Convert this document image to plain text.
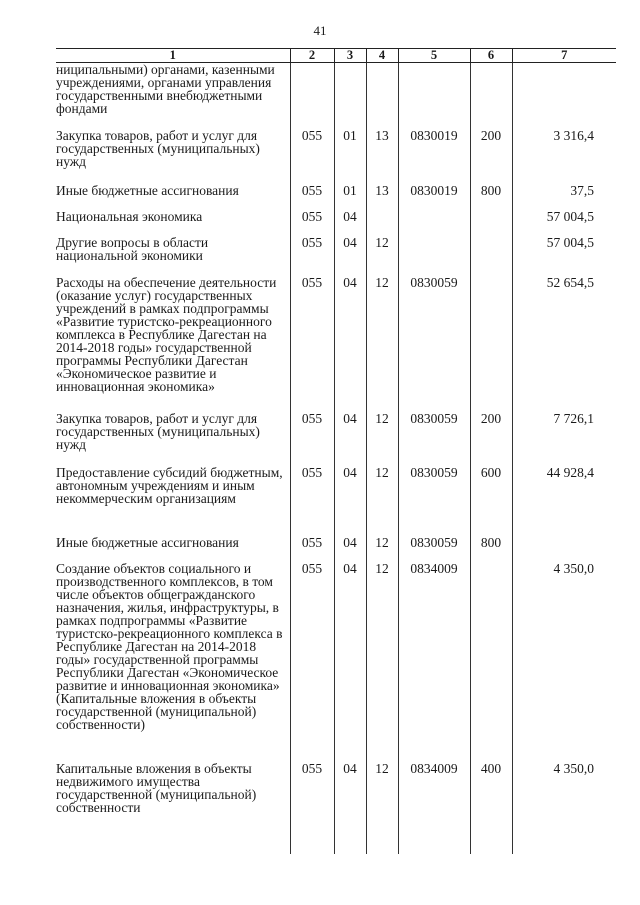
41
1	2	3	4	5	6	7
ниципальными) органами, казенными учреждениями, органами управления государственными внебюджетными фондами						
Закупка товаров, работ и услуг для государственных (муниципальных) нужд	055	01	13	0830019	200	3 316,4
Иные бюджетные ассигнования	055	01	13	0830019	800	37,5
Национальная экономика	055	04				57 004,5
Другие вопросы в области национальной экономики	055	04	12			57 004,5
Расходы на обеспечение деятельности (оказание услуг) государственных учреждений в рамках подпрограммы «Развитие туристско-рекреационного комплекса в Республике Дагестан на 2014-2018 годы» государственной программы Республики Дагестан «Экономическое развитие и инновационная экономика»	055	04	12	0830059		52 654,5
Закупка товаров, работ и услуг для государственных (муниципальных) нужд	055	04	12	0830059	200	7 726,1
Предоставление субсидий бюджетным, автономным учреждениям и иным некоммерческим организациям	055	04	12	0830059	600	44 928,4
Иные бюджетные ассигнования	055	04	12	0830059	800	
Создание объектов социального и производственного комплексов, в том числе объектов общегражданского назначения, жилья, инфраструктуры, в рамках подпрограммы «Развитие туристско-рекреационного комплекса в Республике Дагестан на 2014-2018 годы» государственной программы Республики Дагестан «Экономическое развитие и инновационная экономика» (Капитальные вложения в объекты государственной (муниципальной) собственности)	055	04	12	0834009		4 350,0
Капитальные вложения в объекты недвижимого имущества государственной (муниципальной) собственности	055	04	12	0834009	400	4 350,0
